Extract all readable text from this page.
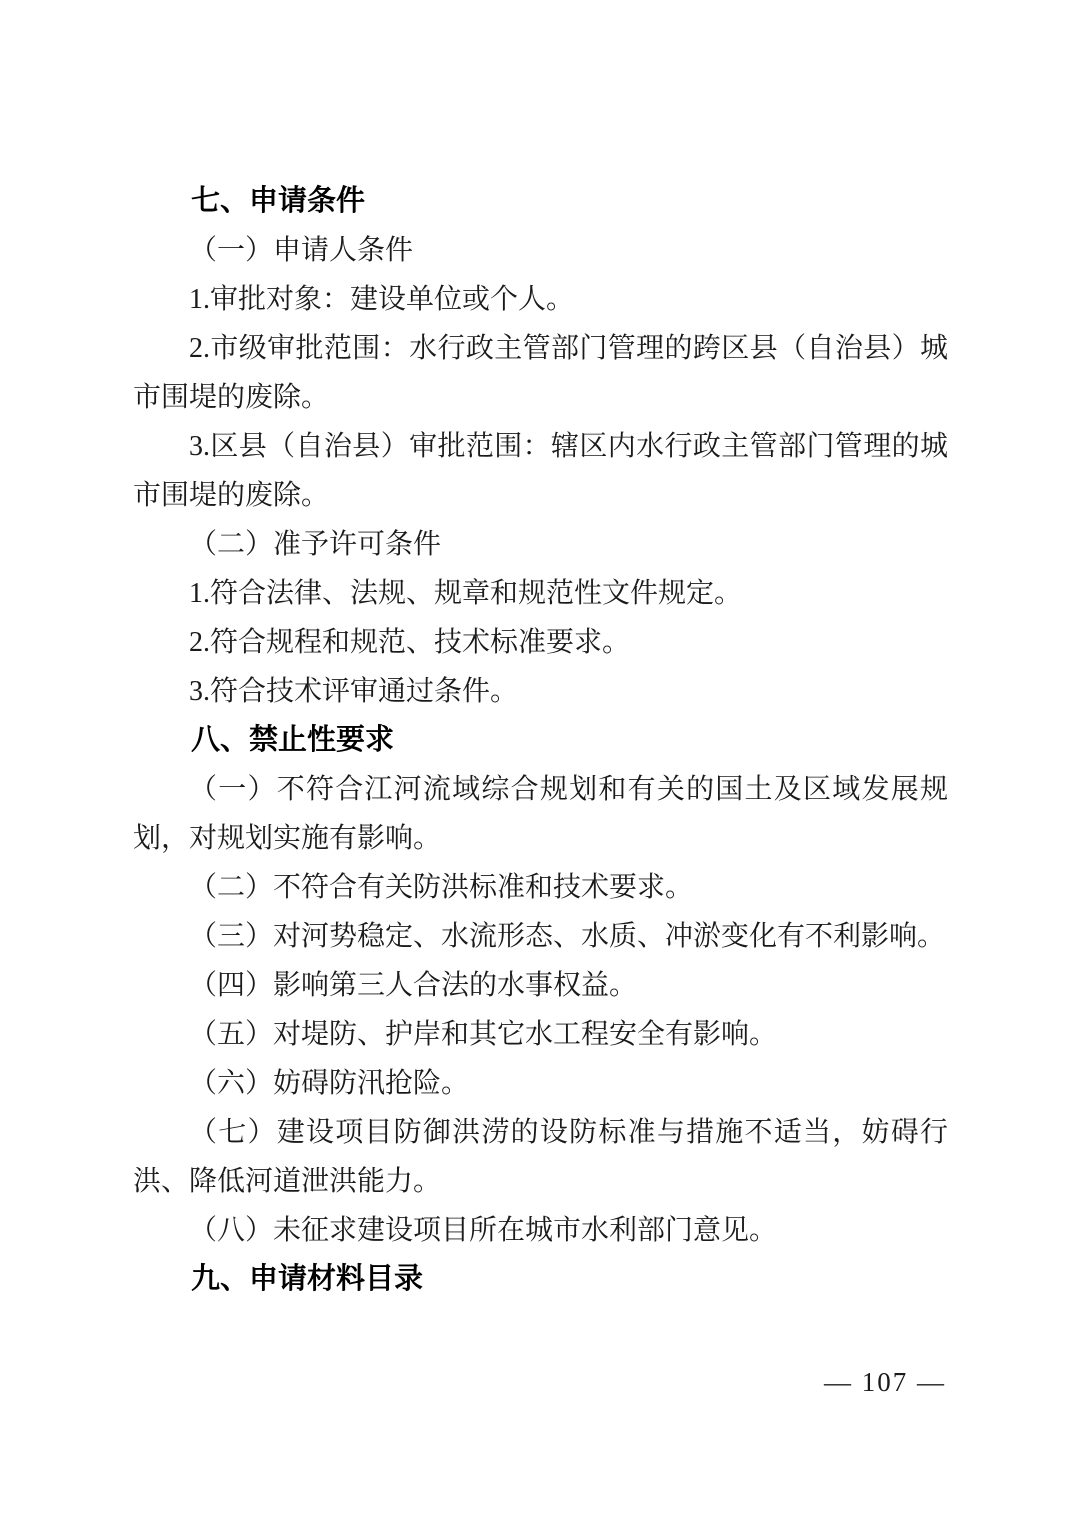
七、申请条件

（一）申请人条件

1.审批对象：建设单位或个人。

2.市级审批范围：水行政主管部门管理的跨区县（自治县）城市围堤的废除。

3.区县（自治县）审批范围：辖区内水行政主管部门管理的城市围堤的废除。

（二）准予许可条件

1.符合法律、法规、规章和规范性文件规定。

2.符合规程和规范、技术标准要求。

3.符合技术评审通过条件。

八、禁止性要求

（一）不符合江河流域综合规划和有关的国土及区域发展规划，对规划实施有影响。

（二）不符合有关防洪标准和技术要求。

（三）对河势稳定、水流形态、水质、冲淤变化有不利影响。

（四）影响第三人合法的水事权益。

（五）对堤防、护岸和其它水工程安全有影响。

（六）妨碍防汛抢险。

（七）建设项目防御洪涝的设防标准与措施不适当，妨碍行洪、降低河道泄洪能力。

（八）未征求建设项目所在城市水利部门意见。

九、申请材料目录

— 107 —
